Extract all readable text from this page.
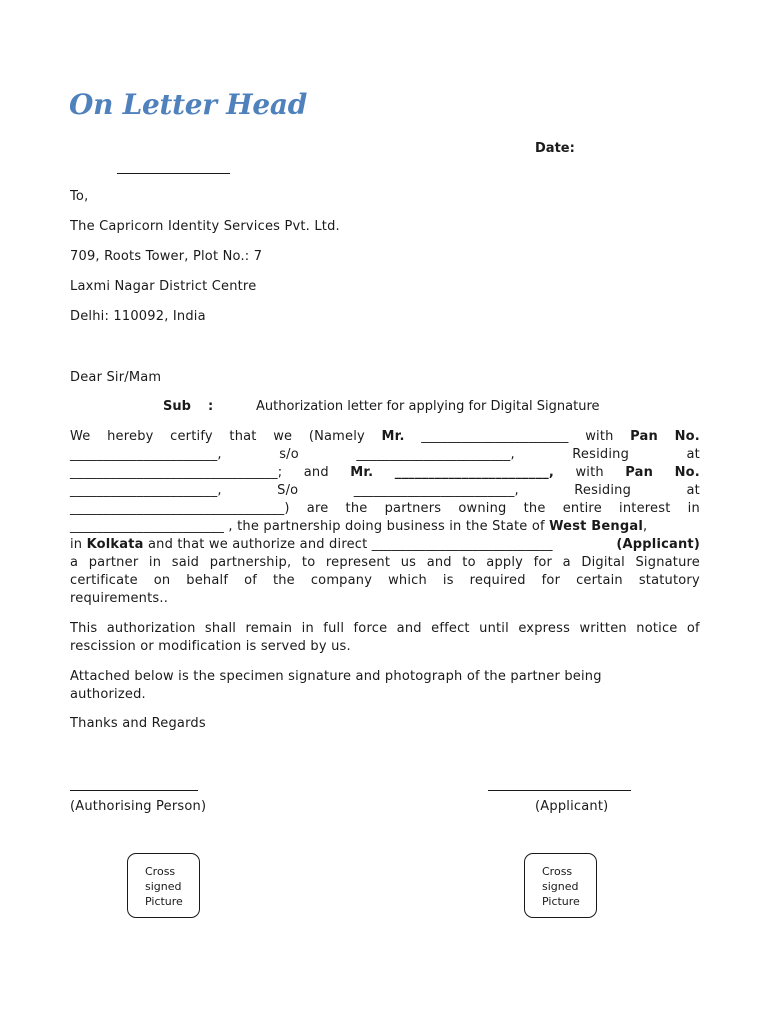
On Letter Head
Date:
To,
The Capricorn Identity Services Pvt. Ltd.
709, Roots Tower, Plot No.: 7
Laxmi Nagar District Centre
Delhi: 110092, India
Dear Sir/Mam
Sub :	Authorization letter for applying for Digital Signature
We hereby certify that we (Namely Mr. ______________________ with Pan No.
______________________,	s/o	_______________________,	Residing	at
_______________________________; and Mr. _______________________, with Pan No.
______________________,	S/o	________________________,	Residing	at
________________________________) are the partners owning the entire interest in
_______________________ , the partnership doing business in the State of West Bengal,
in Kolkata and that we authorize and direct ___________________________	(Applicant)
a partner in said partnership, to represent us and to apply for a Digital Signature
certificate on behalf of the company which is required for certain statutory
requirements..
This authorization shall remain in full force and effect until express written notice of
rescission or modification is served by us.
Attached below is the specimen signature and photograph of the partner being
authorized.
Thanks and Regards
(Authorising Person)	(Applicant)
Cross
signed
Picture
Cross
signed
Picture
